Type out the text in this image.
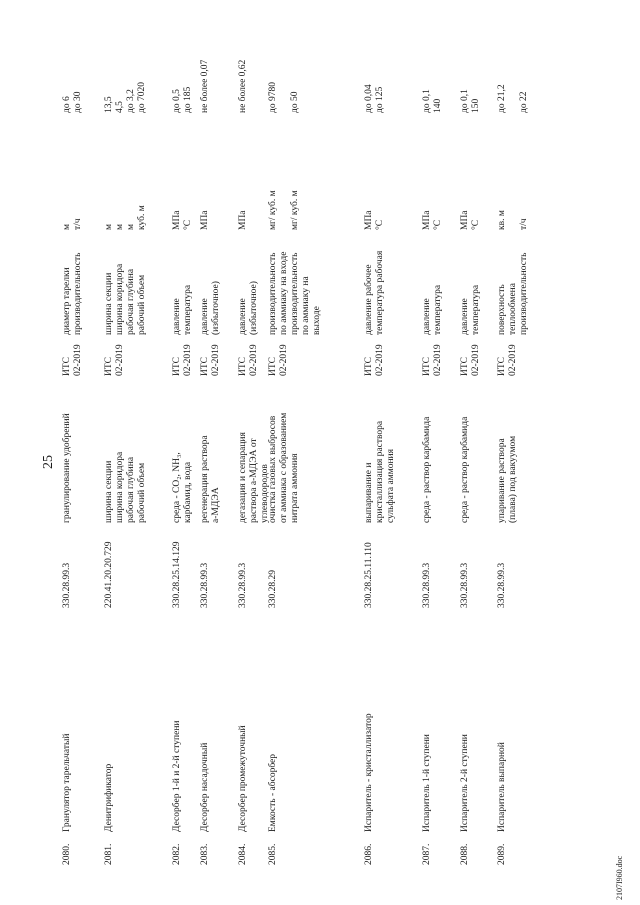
25
2080.
Гранулятор тарельчатый
330.28.99.3
гранулирование удобрений
ИТС 02-2019
диаметр тарелки производительность
м т/ч
до 6 до 30
2081.
Денитрификатор
220.41.20.20.729
ширина секции ширина коридора рабочая глубина рабочий объем
ИТС 02-2019
ширина секции ширина коридора рабочая глубина рабочий объем
м м м куб. м
13,5 4,5 до 3,2 до 7020
2082.
Десорбер 1-й и 2-й ступени
330.28.25.14.129
среда - CO₂, NH₃, карбамид, вода
ИТС 02-2019
давление температура
МПа °С
до 0,5 до 185
2083.
Десорбер насадочный
330.28.99.3
регенерация раствора а-МДЭА
ИТС 02-2019
давление (избыточное)
МПа
не более 0,07
2084.
Десорбер промежуточный
330.28.99.3
дегазация и сепарация раствора а-МДЭА от углеводородов
ИТС 02-2019
давление (избыточное)
МПа
не более 0,62
2085.
Емкость - абсорбер
330.28.29
очистка газовых выбросов от аммиака с образованием нитрата аммония
ИТС 02-2019
производительность по аммиаку на входе производительность по аммиаку на выходе
мг/ куб. м
мг/ куб. м
до 9780
до 50
2086.
Испаритель - кристаллизатор
330.28.25.11.110
выпаривание и кристаллизация раствора сульфата аммония
ИТС 02-2019
давление рабочее температура рабочая
МПа °С
до 0,04 до 125
2087.
Испаритель 1-й ступени
330.28.99.3
среда - раствор карбамида
ИТС 02-2019
давление температура
МПа °С
до 0,1 140
2088.
Испаритель 2-й ступени
330.28.99.3
среда - раствор карбамида
ИТС 02-2019
давление температура
МПа °С
до 0,1 150
2089.
Испаритель выпарной
330.28.99.3
упаривание раствора (плава) под вакуумом
ИТС 02-2019
поверхность теплообмена производительность
кв. м
т/ч
до 21,2
до 22
2107I960.doc
